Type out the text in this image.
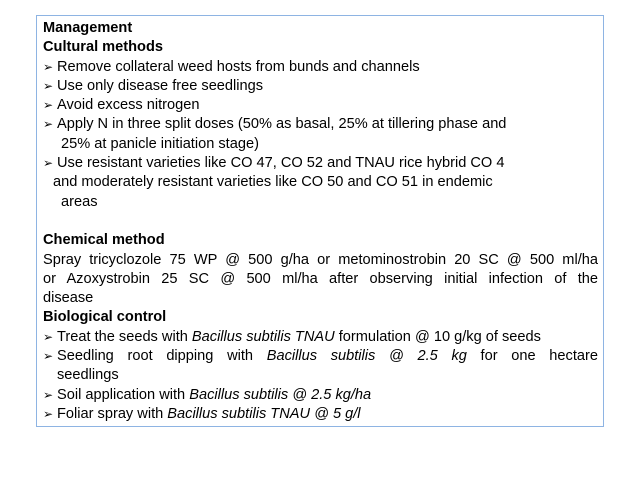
Management

Cultural methods

➢ Remove collateral weed hosts from bunds and channels

➢ Use only disease free seedlings

➢ Avoid excess nitrogen

➢ Apply N in three split doses (50% as basal, 25% at tillering phase and

25% at panicle initiation stage)

➢ Use resistant varieties like CO 47, CO 52 and TNAU rice hybrid CO 4

and moderately resistant varieties like CO 50 and CO 51 in endemic

areas

Chemical method

Spray tricyclozole 75 WP @ 500 g/ha or metominostrobin 20 SC @ 500 ml/ha

or Azoxystrobin 25 SC @ 500 ml/ha after observing initial infection of the

disease

Biological control

➢ Treat the seeds with Bacillus subtilis TNAU formulation @ 10 g/kg of seeds

➢ Seedling root dipping with Bacillus subtilis @ 2.5 kg for one hectare

seedlings

➢ Soil application with Bacillus subtilis @ 2.5 kg/ha

➢ Foliar spray with Bacillus subtilis TNAU @ 5 g/l
